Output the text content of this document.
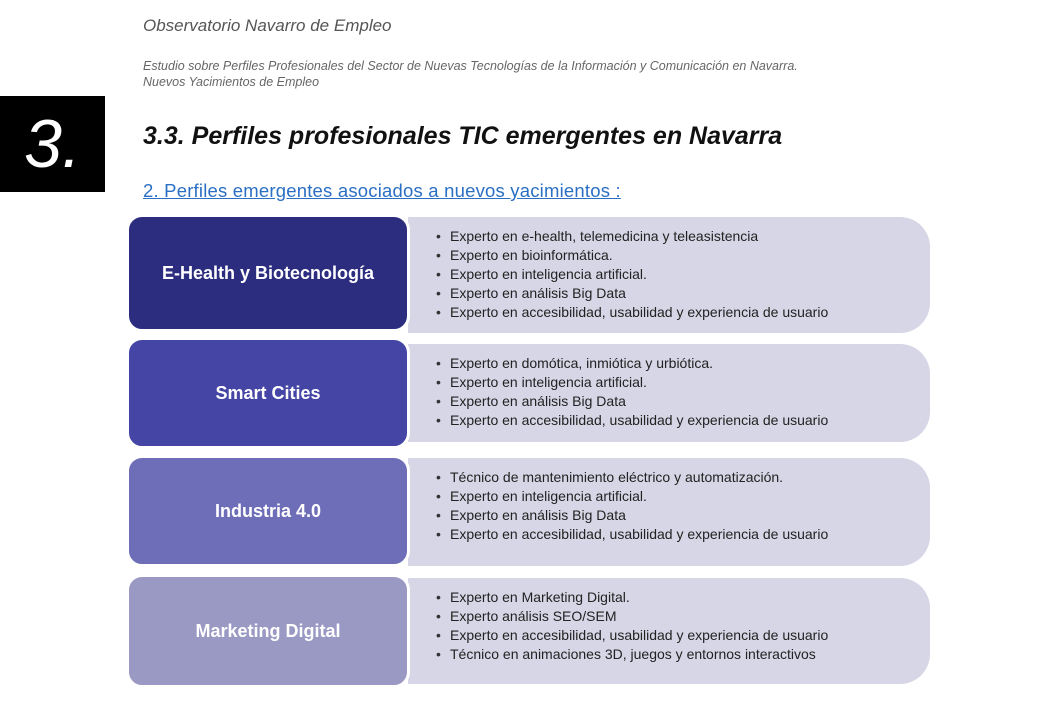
Observatorio Navarro de Empleo
Estudio sobre Perfiles Profesionales del Sector de Nuevas Tecnologías de la Información y Comunicación en Navarra.
Nuevos Yacimientos de Empleo
3.	3.3. Perfiles profesionales TIC emergentes en Navarra
2. Perfiles emergentes asociados a nuevos yacimientos :
• Experto en e-health, telemedicina y teleasistencia
• Experto en bioinformática.
• Experto en inteligencia artificial.
• Experto en análisis Big Data
• Experto en accesibilidad, usabilidad y experiencia de usuario
E-Health y Biotecnología
• Experto en domótica, inmiótica y urbiótica.
• Experto en inteligencia artificial.
• Experto en análisis Big Data
• Experto en accesibilidad, usabilidad y experiencia de usuario
Smart Cities
• Técnico de mantenimiento eléctrico y automatización.
• Experto en inteligencia artificial.
• Experto en análisis Big Data
• Experto en accesibilidad, usabilidad y experiencia de usuario
Industria 4.0
• Experto en Marketing Digital.
• Experto análisis SEO/SEM
• Experto en accesibilidad, usabilidad y experiencia de usuario
• Técnico en animaciones 3D, juegos y entornos interactivos
Marketing Digital
